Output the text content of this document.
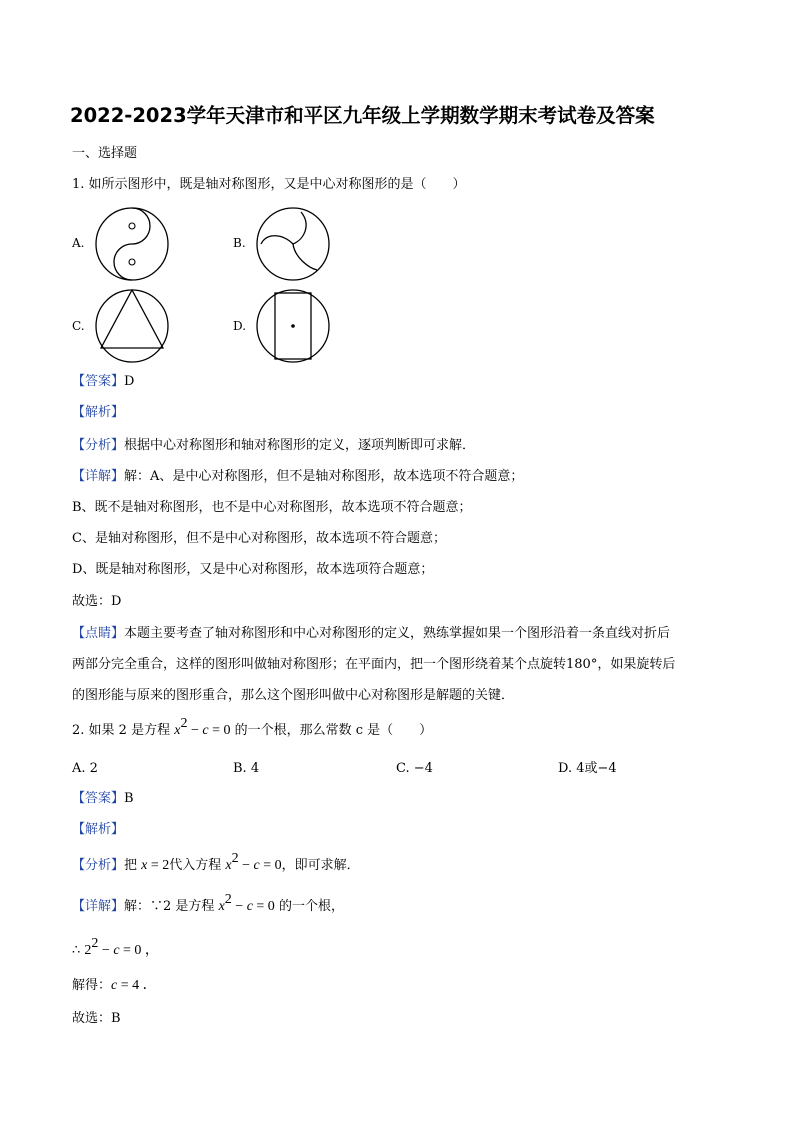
2022-2023学年天津市和平区九年级上学期数学期末考试卷及答案
一、选择题
1. 如所示图形中，既是轴对称图形，又是中心对称图形的是（　　）
A.	B.
C.	D.
【答案】D
【解析】
【分析】根据中心对称图形和轴对称图形的定义，逐项判断即可求解．
【详解】解：A、是中心对称图形，但不是轴对称图形，故本选项不符合题意；
B、既不是轴对称图形，也不是中心对称图形，故本选项不符合题意；
C、是轴对称图形，但不是中心对称图形，故本选项不符合题意；
D、既是轴对称图形，又是中心对称图形，故本选项符合题意；
故选：D
【点睛】本题主要考查了轴对称图形和中心对称图形的定义，熟练掌握如果一个图形沿着一条直线对折后
两部分完全重合，这样的图形叫做轴对称图形；在平面内，把一个图形绕着某个点旋转180°，如果旋转后
的图形能与原来的图形重合，那么这个图形叫做中心对称图形是解题的关键．
2. 如果 2 是方程 $x^2 - c = 0$ 的一个根，那么常数 c 是（　　）
A. 2	B. 4	C. −4	D. 4或−4
【答案】B
【解析】
【分析】把 x = 2代入方程 $x^2 - c = 0$，即可求解．
【详解】解：∵2 是方程 $x^2 - c = 0$ 的一个根，
∴ $2^2 - c = 0$ ，
解得：c = 4 ．
故选：B
